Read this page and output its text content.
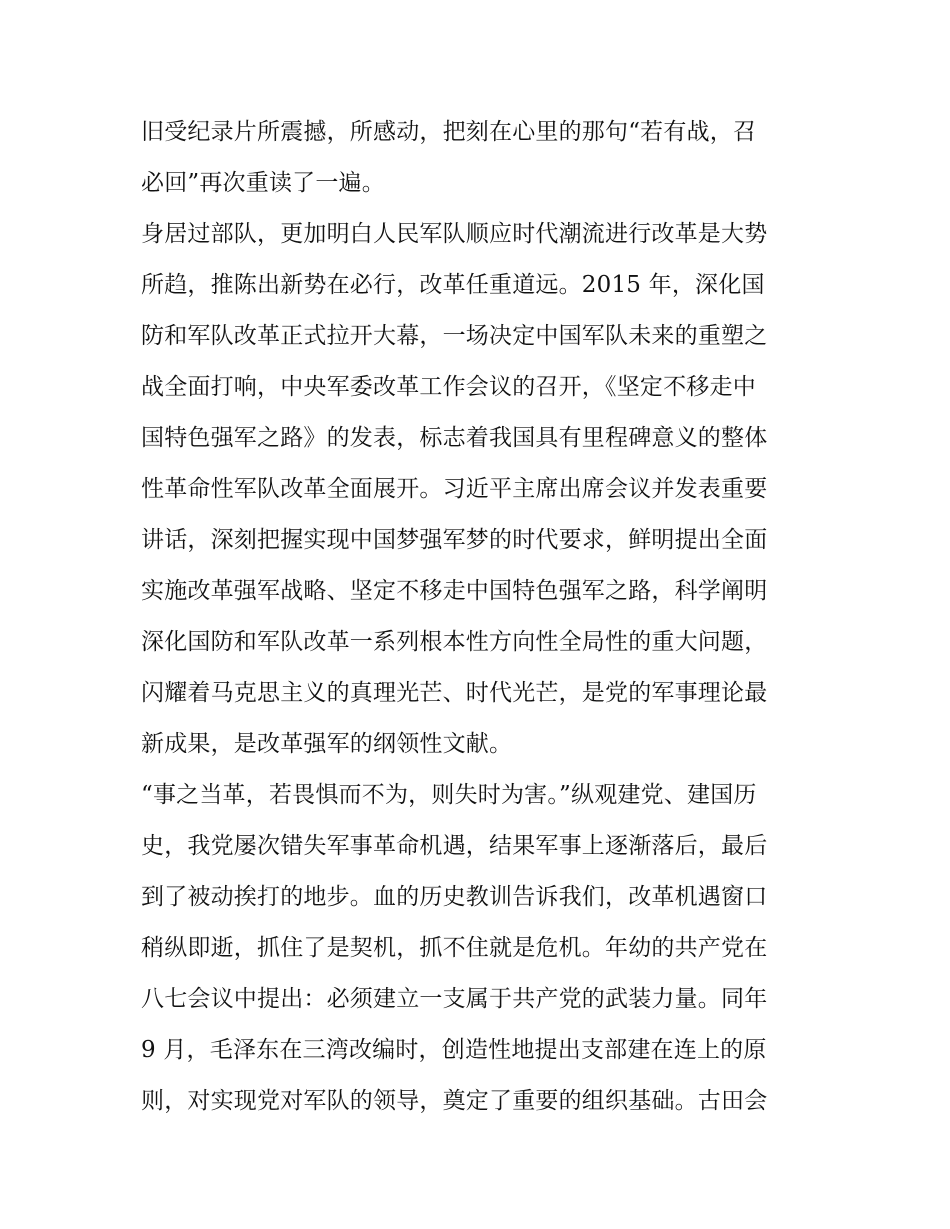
旧受纪录片所震撼，所感动，把刻在心里的那句“若有战，召
必回”再次重读了一遍。
身居过部队，更加明白人民军队顺应时代潮流进行改革是大势
所趋，推陈出新势在必行，改革任重道远。2015 年，深化国
防和军队改革正式拉开大幕，一场决定中国军队未来的重塑之
战全面打响，中央军委改革工作会议的召开，《坚定不移走中
国特色强军之路》的发表，标志着我国具有里程碑意义的整体
性革命性军队改革全面展开。习近平主席出席会议并发表重要
讲话，深刻把握实现中国梦强军梦的时代要求，鲜明提出全面
实施改革强军战略、坚定不移走中国特色强军之路，科学阐明
深化国防和军队改革一系列根本性方向性全局性的重大问题，
闪耀着马克思主义的真理光芒、时代光芒，是党的军事理论最
新成果，是改革强军的纲领性文献。
“事之当革，若畏惧而不为，则失时为害。”纵观建党、建国历
史，我党屡次错失军事革命机遇，结果军事上逐渐落后，最后
到了被动挨打的地步。血的历史教训告诉我们，改革机遇窗口
稍纵即逝，抓住了是契机，抓不住就是危机。年幼的共产党在
八七会议中提出：必须建立一支属于共产党的武装力量。同年
9 月，毛泽东在三湾改编时，创造性地提出支部建在连上的原
则，对实现党对军队的领导，奠定了重要的组织基础。古田会
